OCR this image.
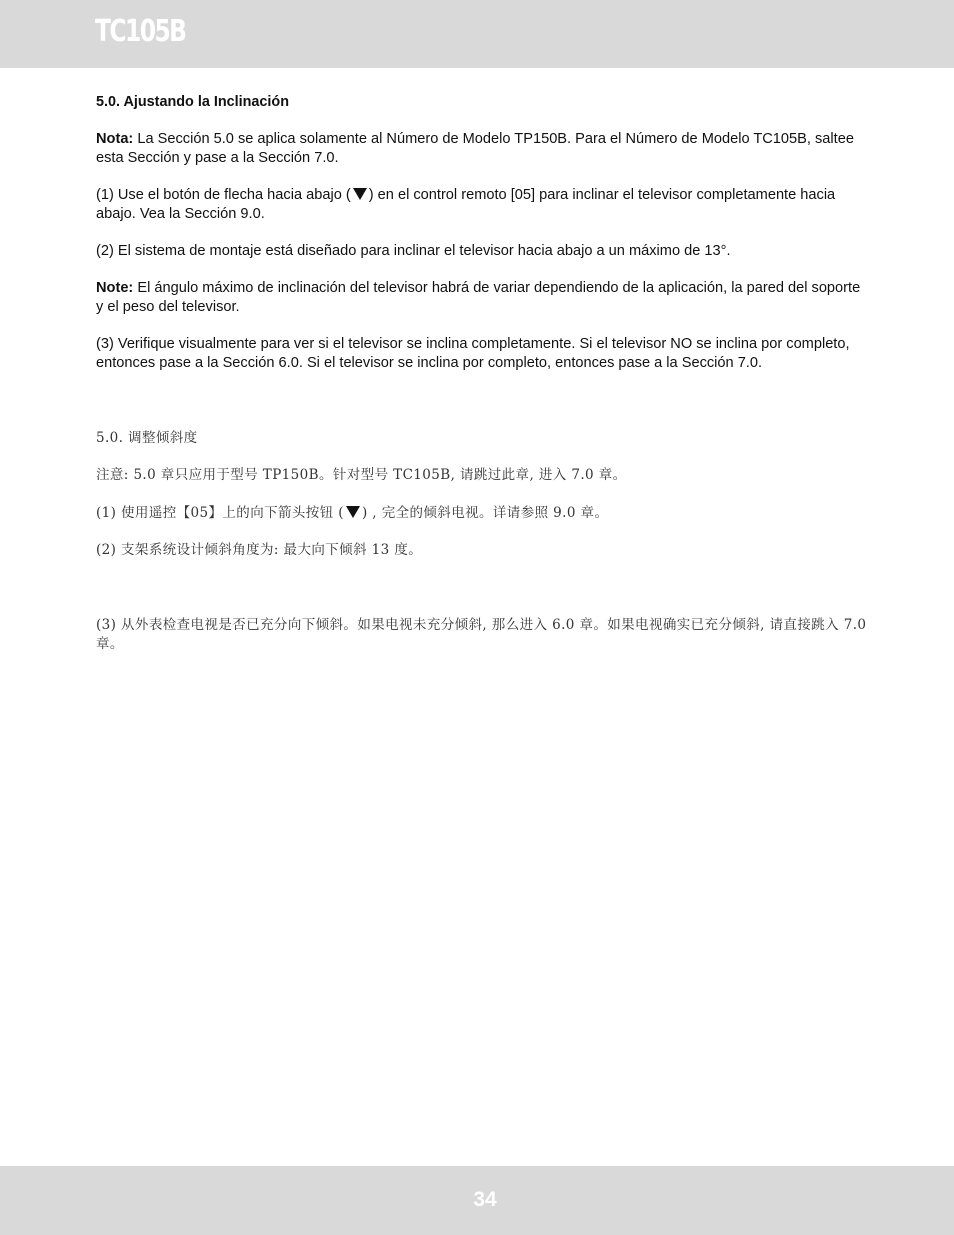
TC105B

5.0. Ajustando la Inclinación

Nota: La Sección 5.0 se aplica solamente al Número de Modelo TP150B. Para el Número de Modelo TC105B, saltee esta Sección y pase a la Sección 7.0.

(1) Use el botón de flecha hacia abajo ( ) en el control remoto [05] para inclinar el televisor completamente hacia abajo. Vea la Sección 9.0.

(2) El sistema de montaje está diseñado para inclinar el televisor hacia abajo a un máximo de 13°.

Note: El ángulo máximo de inclinación del televisor habrá de variar dependiendo de la aplicación, la pared del soporte y el peso del televisor.

(3) Verifique visualmente para ver si el televisor se inclina completamente. Si el televisor NO se inclina por completo, entonces pase a la Sección 6.0. Si el televisor se inclina por completo, entonces pase a la Sección 7.0.

5.0. 调整倾斜度
注意: 5.0 章只应用于型号 TP150B。针对型号 TC105B, 请跳过此章, 进入 7.0 章。
(1) 使用遥控【05】上的向下箭头按钮 ( ) , 完全的倾斜电视。详请参照 9.0 章。
(2) 支架系统设计倾斜角度为: 最大向下倾斜 13 度。
(3) 从外表检查电视是否已充分向下倾斜。如果电视未充分倾斜, 那么进入 6.0 章。如果电视确实已充分倾斜, 请直接跳入 7.0 章。
34
